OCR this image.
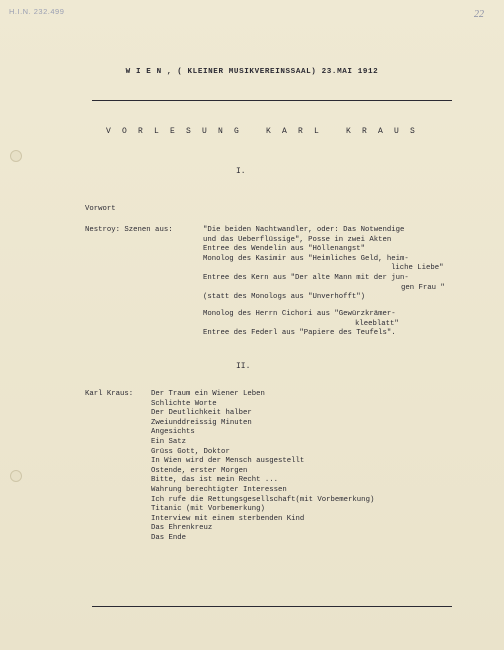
H.I.N. 232.499	22
W I E N , ( KLEINER MUSIKVEREINSSAAL) 23.MAI 1912
V O R L E S U N G   K A R L   K R A U S
I.
Vorwort
Nestroy: Szenen aus:	"Die beiden Nachtwandler, oder: Das Notwendige
und das Ueberflüssige", Posse in zwei Akten
Entree des Wendelin aus "Höllenangst"
Monolog des Kasimir aus "Heimliches Geld, heim-
liche Liebe"
Entree des Kern aus "Der alte Mann mit der jun-
gen Frau "
(statt des Monologs aus "Unverhofft")
Monolog des Herrn Cichori aus "Gewürzkrämer-
kleeblatt"
Entree des Federl aus "Papiere des Teufels".
II.
Karl Kraus: Der Traum ein Wiener Leben
Schlichte Worte
Der Deutlichkeit halber
Zweiunddreissig Minuten
Angesichts
Ein Satz
Grüss Gott, Doktor
In Wien wird der Mensch ausgestellt
Ostende, erster Morgen
Bitte, das ist mein Recht ...
Wahrung berechtigter Interessen
Ich rufe die Rettungsgesellschaft(mit Vorbemerkung)
Titanic (mit Vorbemerkung)
Interview mit einem sterbenden Kind
Das Ehrenkreuz
Das Ende
